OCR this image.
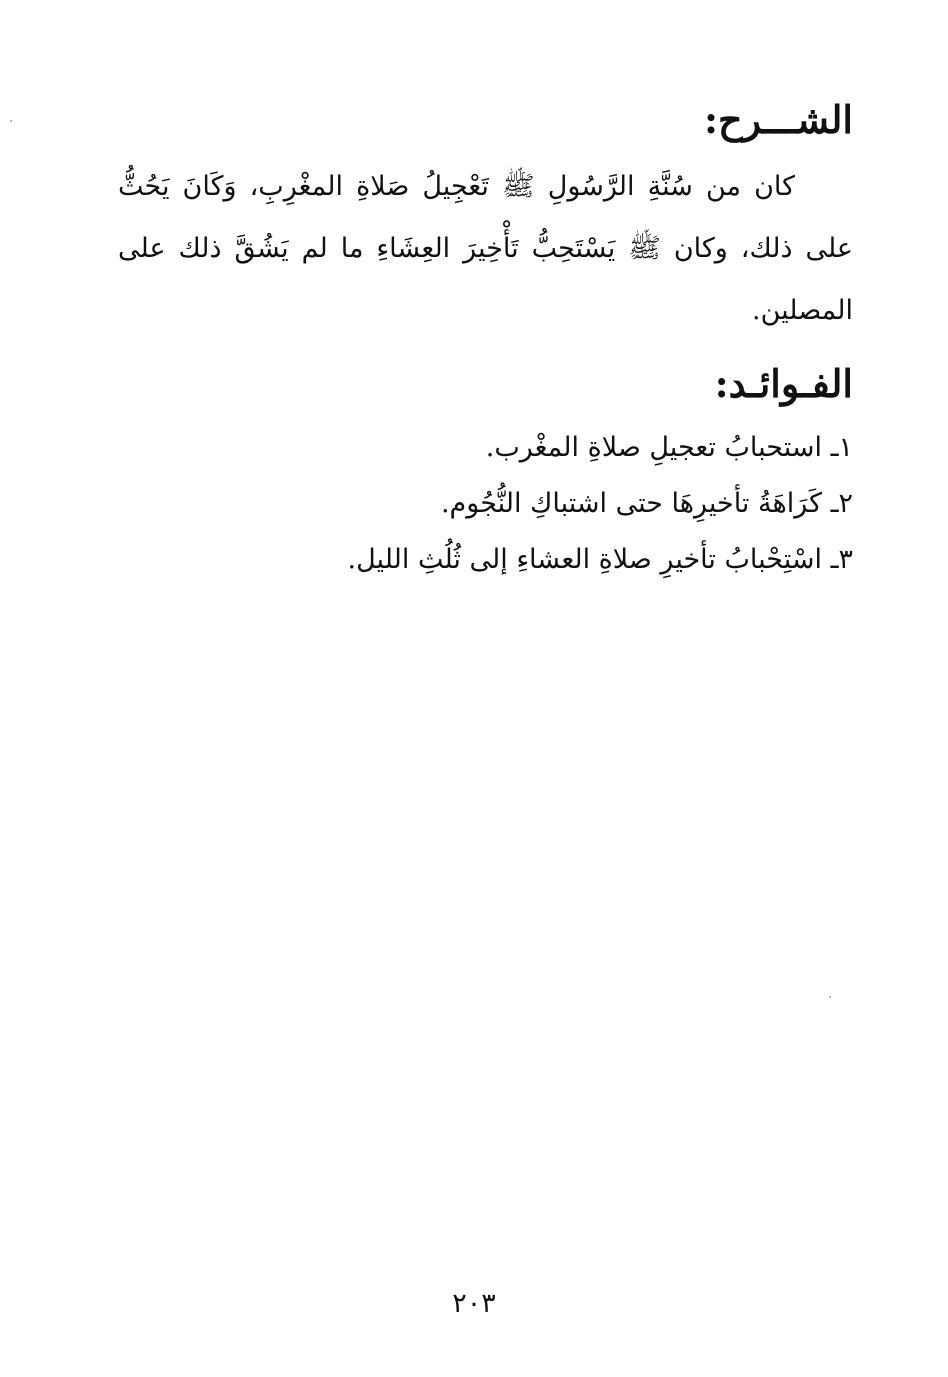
الشـــرح:

كان من سُنَّةِ الرَّسُولِ ﷺ تَعْجِيلُ صَلاةِ المغْرِبِ، وَكَانَ يَحُثُّ على ذلك، وكان ﷺ يَسْتَحِبُّ تَأْخِيرَ العِشَاءِ ما لم يَشُقَّ ذلك على المصلين.

الفـوائـد:
١ـ استحبابُ تعجيلِ صلاةِ المغْرب.
٢ـ كَرَاهَةُ تأخيرِهَا حتى اشتباكِ النُّجُوم.
٣ـ اسْتِحْبابُ تأخيرِ صلاةِ العشاءِ إلى ثُلُثِ الليل.
٢٠٣
